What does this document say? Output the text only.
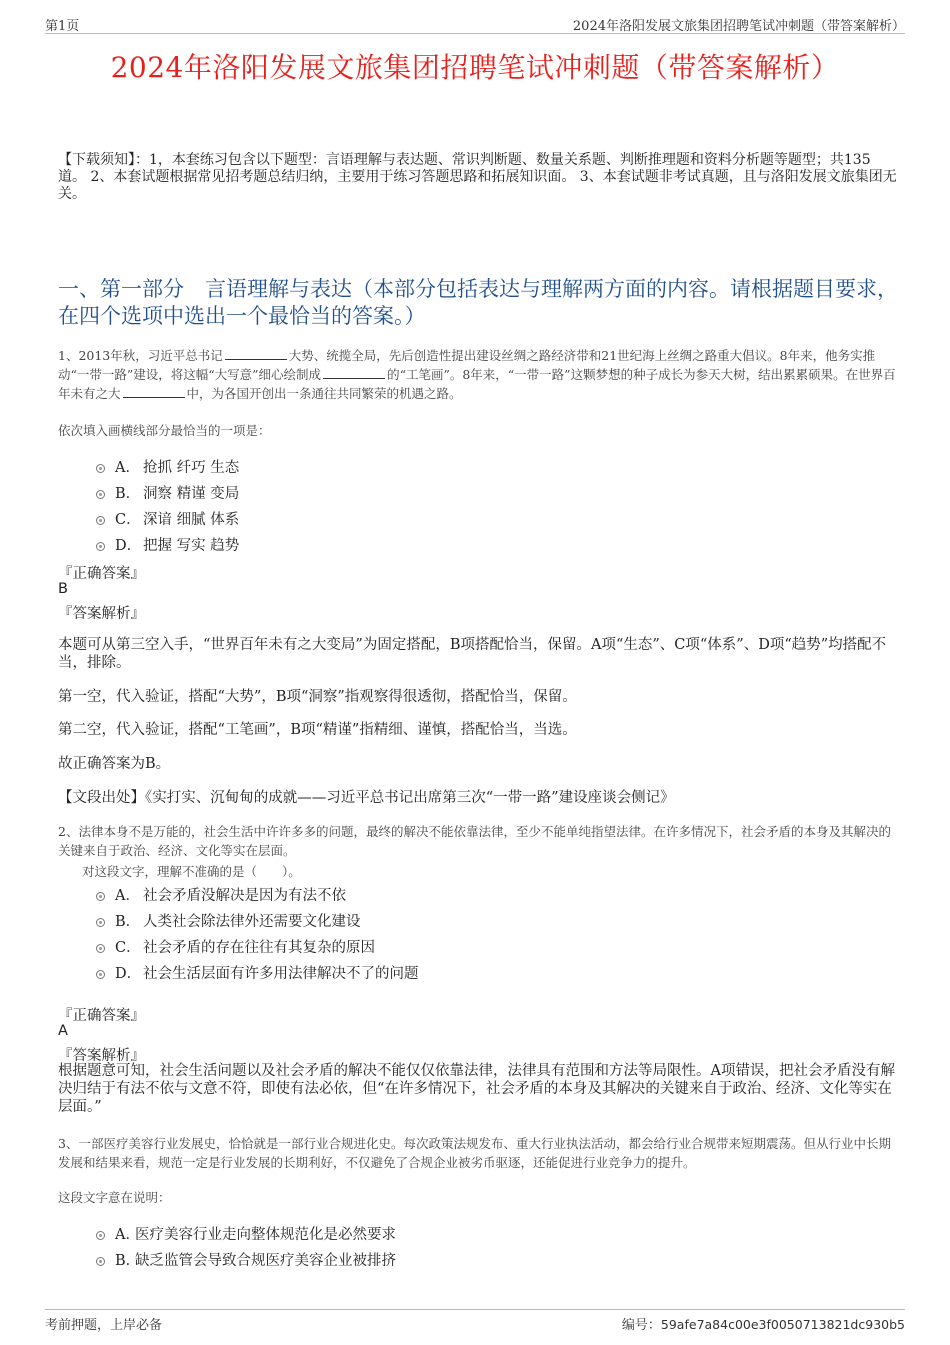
第1页	2024年洛阳发展文旅集团招聘笔试冲刺题（带答案解析）
2024年洛阳发展文旅集团招聘笔试冲刺题（带答案解析）
【下载须知】：1，本套练习包含以下题型：言语理解与表达题、常识判断题、数量关系题、判断推理题和资料分析题等题型；共135道。 2、本套试题根据常见招考题总结归纳，主要用于练习答题思路和拓展知识面。 3、本套试题非考试真题，且与洛阳发展文旅集团无关。
一、第一部分　言语理解与表达（本部分包括表达与理解两方面的内容。请根据题目要求，在四个选项中选出一个最恰当的答案。）
1、2013年秋，习近平总书记	大势、统揽全局，先后创造性提出建设丝绸之路经济带和21世纪海上丝绸之路重大倡议。8年来，他务实推动“一带一路”建设，将这幅“大写意”细心绘制成	的“工笔画”。8年来，“一带一路”这颗梦想的种子成长为参天大树，结出累累硕果。在世界百年未有之大	中，为各国开创出一条通往共同繁荣的机遇之路。
依次填入画横线部分最恰当的一项是：
A． 抢抓 纤巧 生态
B． 洞察 精谨 变局
C． 深谙 细腻 体系
D． 把握 写实 趋势
『正确答案』
B
『答案解析』
本题可从第三空入手，“世界百年未有之大变局”为固定搭配，B项搭配恰当，保留。A项“生态”、C项“体系”、D项“趋势”均搭配不当，排除。
第一空，代入验证，搭配“大势”，B项“洞察”指观察得很透彻，搭配恰当，保留。
第二空，代入验证，搭配“工笔画”，B项“精谨”指精细、谨慎，搭配恰当，当选。
故正确答案为B。
【文段出处】《实打实、沉甸甸的成就——习近平总书记出席第三次“一带一路”建设座谈会侧记》
2、法律本身不是万能的，社会生活中许许多多的问题，最终的解决不能依靠法律，至少不能单纯指望法律。在许多情况下，社会矛盾的本身及其解决的关键来自于政治、经济、文化等实在层面。
对这段文字，理解不准确的是（　　）。
A． 社会矛盾没解决是因为有法不依
B． 人类社会除法律外还需要文化建设
C． 社会矛盾的存在往往有其复杂的原因
D． 社会生活层面有许多用法律解决不了的问题
『正确答案』
A
『答案解析』
根据题意可知，社会生活问题以及社会矛盾的解决不能仅仅依靠法律，法律具有范围和方法等局限性。A项错误，把社会矛盾没有解决归结于有法不依与文意不符，即使有法必依，但“在许多情况下，社会矛盾的本身及其解决的关键来自于政治、经济、文化等实在层面。”
3、一部医疗美容行业发展史，恰恰就是一部行业合规进化史。每次政策法规发布、重大行业执法活动，都会给行业合规带来短期震荡。但从行业中长期发展和结果来看，规范一定是行业发展的长期利好，不仅避免了合规企业被劣币驱逐，还能促进行业竞争力的提升。
这段文字意在说明：
A．
医疗美容行业走向整体规范化是必然要求
B．
缺乏监管会导致合规医疗美容企业被排挤
考前押题，上岸必备	编号：59afe7a84c00e3f0050713821dc930b5
